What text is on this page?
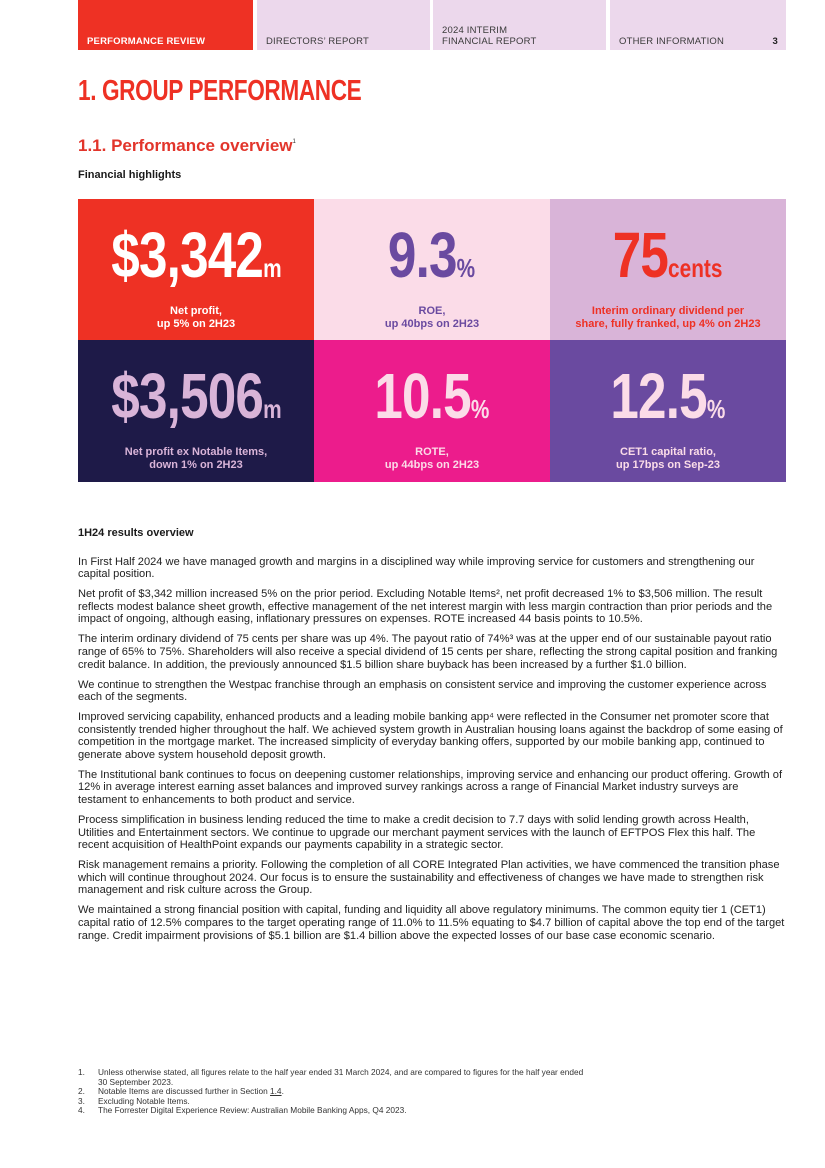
PERFORMANCE REVIEW	DIRECTORS’ REPORT
2024 INTERIM
FINANCIAL REPORT	OTHER INFORMATION	3
1. GROUP PERFORMANCE
1.1. Performance overview$^1$
Financial highlights
$3,342m
Net profit,
up 5% on 2H23
9.3%
ROE,
up 40bps on 2H23
75cents
Interim ordinary dividend per
share, fully franked, up 4% on 2H23
$3,506m
Net profit ex Notable Items,
down 1% on 2H23
10.5%
ROTE,
up 44bps on 2H23
12.5%
CET1 capital ratio,
up 17bps on Sep-23
1H24 results overview

In First Half 2024 we have managed growth and margins in a disciplined way while improving service for customers and strengthening our capital position.

Net profit of $3,342 million increased 5% on the prior period. Excluding Notable Items², net profit decreased 1% to $3,506 million. The result reflects modest balance sheet growth, effective management of the net interest margin with less margin contraction than prior periods and the impact of ongoing, although easing, inflationary pressures on expenses. ROTE increased 44 basis points to 10.5%.

The interim ordinary dividend of 75 cents per share was up 4%. The payout ratio of 74%³ was at the upper end of our sustainable payout ratio range of 65% to 75%. Shareholders will also receive a special dividend of 15 cents per share, reflecting the strong capital position and franking credit balance. In addition, the previously announced $1.5 billion share buyback has been increased by a further $1.0 billion.

We continue to strengthen the Westpac franchise through an emphasis on consistent service and improving the customer experience across each of the segments.

Improved servicing capability, enhanced products and a leading mobile banking app⁴ were reflected in the Consumer net promoter score that consistently trended higher throughout the half. We achieved system growth in Australian housing loans against the backdrop of some easing of competition in the mortgage market. The increased simplicity of everyday banking offers, supported by our mobile banking app, continued to generate above system household deposit growth.

The Institutional bank continues to focus on deepening customer relationships, improving service and enhancing our product offering. Growth of 12% in average interest earning asset balances and improved survey rankings across a range of Financial Market industry surveys are testament to enhancements to both product and service.

Process simplification in business lending reduced the time to make a credit decision to 7.7 days with solid lending growth across Health, Utilities and Entertainment sectors. We continue to upgrade our merchant payment services with the launch of EFTPOS Flex this half. The recent acquisition of HealthPoint expands our payments capability in a strategic sector.

Risk management remains a priority. Following the completion of all CORE Integrated Plan activities, we have commenced the transition phase which will continue throughout 2024. Our focus is to ensure the sustainability and effectiveness of changes we have made to strengthen risk management and risk culture across the Group.

We maintained a strong financial position with capital, funding and liquidity all above regulatory minimums. The common equity tier 1 (CET1) capital ratio of 12.5% compares to the target operating range of 11.0% to 11.5% equating to $4.7 billion of capital above the top end of the target range. Credit impairment provisions of $5.1 billion are $1.4 billion above the expected losses of our base case economic scenario.

1.	Unless otherwise stated, all figures relate to the half year ended 31 March 2024, and are compared to figures for the half year ended
30 September 2023.
2.	Notable Items are discussed further in Section 1.4.
3.	Excluding Notable Items.
4.	The Forrester Digital Experience Review: Australian Mobile Banking Apps, Q4 2023.
